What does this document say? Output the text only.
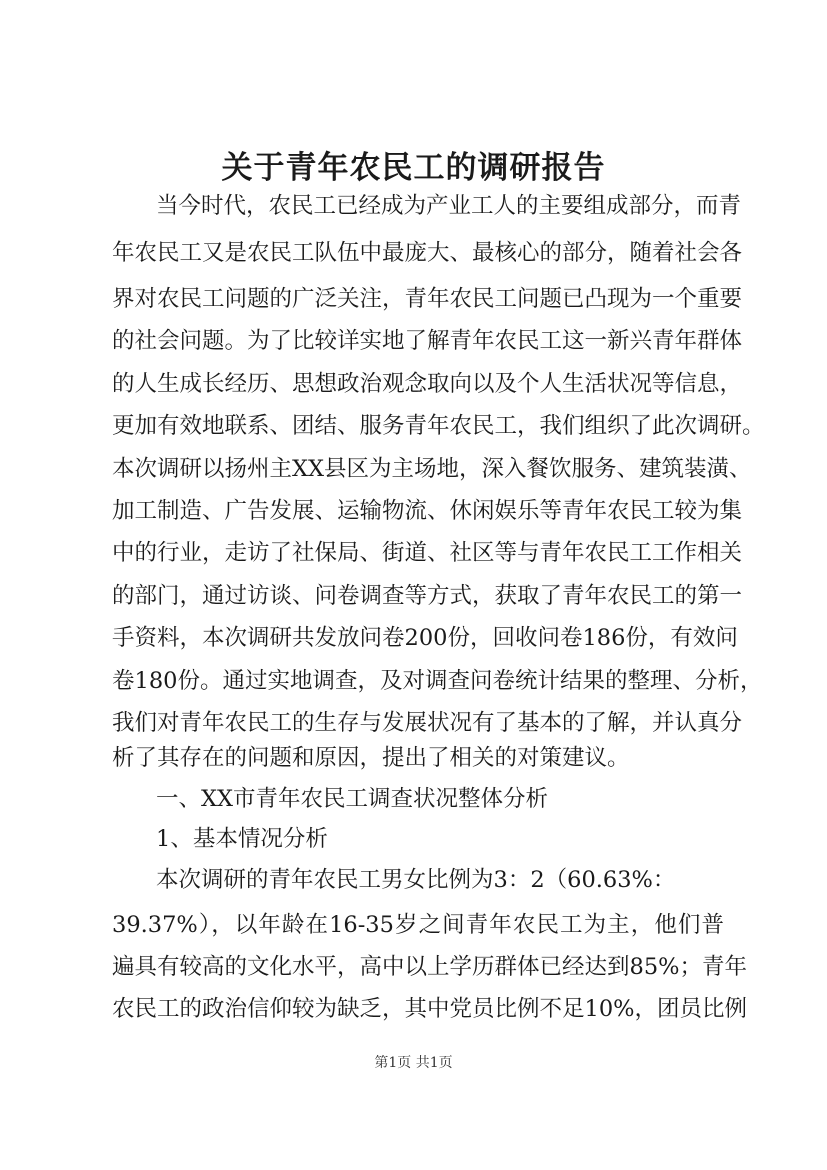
关于青年农民工的调研报告
当今时代，农民工已经成为产业工人的主要组成部分，而青
年农民工又是农民工队伍中最庞大、最核心的部分，随着社会各
界对农民工问题的广泛关注，青年农民工问题已凸现为一个重要
的社会问题。为了比较详实地了解青年农民工这一新兴青年群体
的人生成长经历、思想政治观念取向以及个人生活状况等信息，
更加有效地联系、团结、服务青年农民工，我们组织了此次调研。
本次调研以扬州主XX县区为主场地，深入餐饮服务、建筑装潢、
加工制造、广告发展、运输物流、休闲娱乐等青年农民工较为集
中的行业，走访了社保局、街道、社区等与青年农民工工作相关
的部门，通过访谈、问卷调查等方式，获取了青年农民工的第一
手资料，本次调研共发放问卷200份，回收问卷186份，有效问
卷180份。通过实地调查，及对调查问卷统计结果的整理、分析，
我们对青年农民工的生存与发展状况有了基本的了解，并认真分
析了其存在的问题和原因，提出了相关的对策建议。
一、XX市青年农民工调查状况整体分析
1、基本情况分析
本次调研的青年农民工男女比例为3：2（60.63%：
39.37%），以年龄在16-35岁之间青年农民工为主，他们普
遍具有较高的文化水平，高中以上学历群体已经达到85%；青年
农民工的政治信仰较为缺乏，其中党员比例不足10%，团员比例
第1页 共1页
